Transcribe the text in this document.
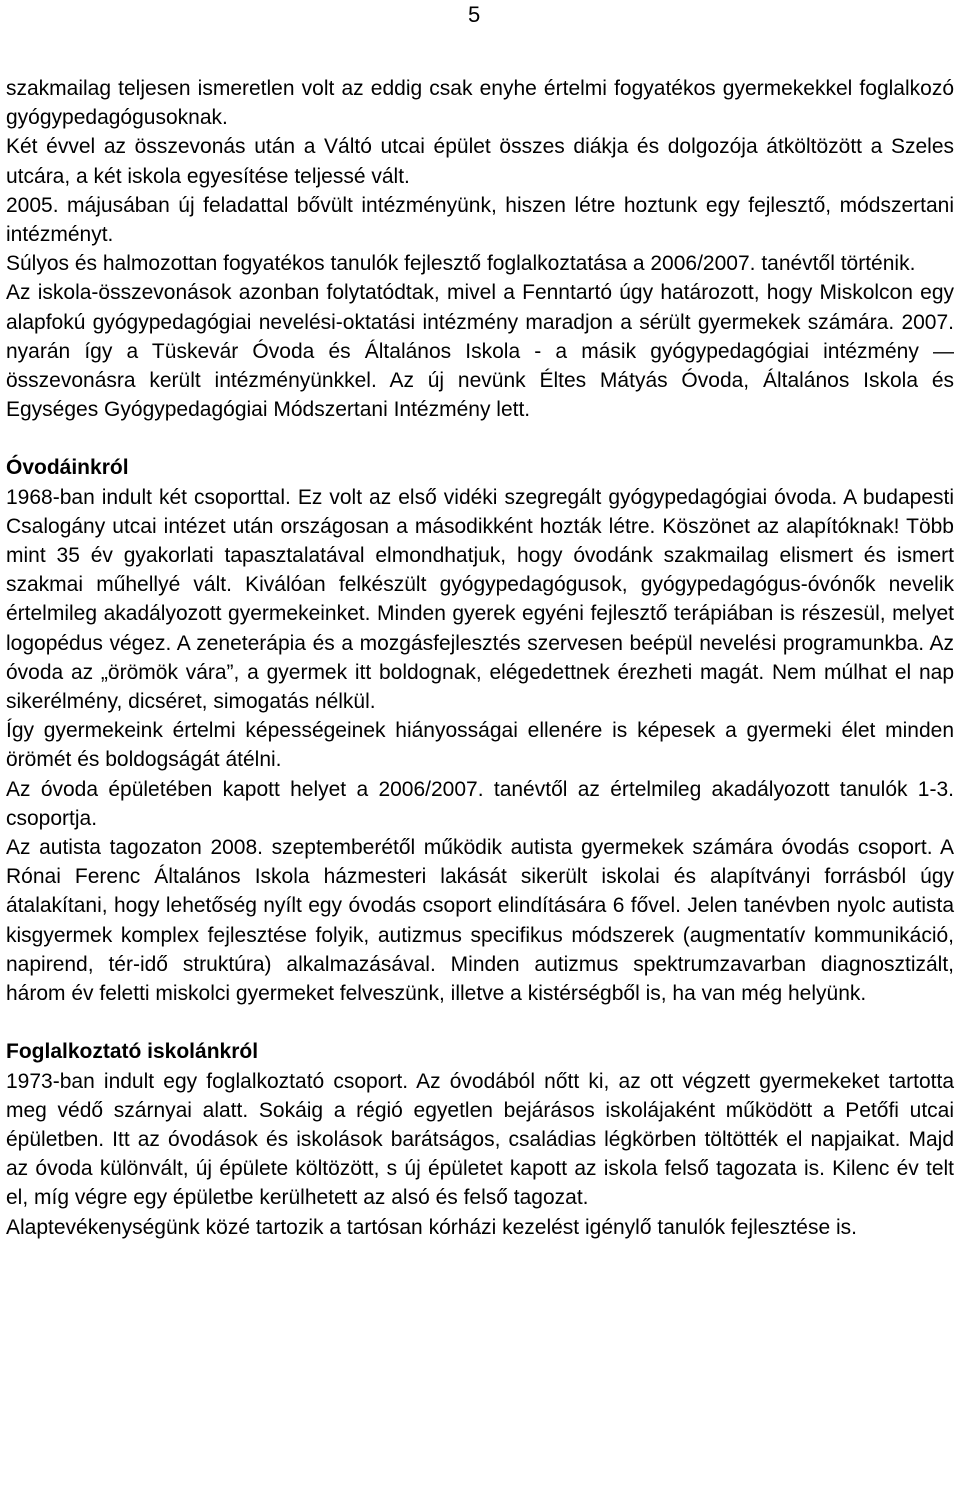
5

szakmailag teljesen ismeretlen volt az eddig csak enyhe értelmi fogyatékos gyermekekkel foglalkozó gyógypedagógusoknak.

Két évvel az összevonás után a Váltó utcai épület összes diákja és dolgozója átköltözött a Szeles utcára, a két iskola egyesítése teljessé vált.

2005. májusában új feladattal bővült intézményünk, hiszen létre hoztunk egy fejlesztő, módszertani intézményt.

Súlyos és halmozottan fogyatékos tanulók fejlesztő foglalkoztatása a 2006/2007. tanévtől történik.

Az iskola-összevonások azonban folytatódtak, mivel a Fenntartó úgy határozott, hogy Miskolcon egy alapfokú gyógypedagógiai nevelési-oktatási intézmény maradjon a sérült gyermekek számára. 2007. nyarán így a Tüskevár Óvoda és Általános Iskola - a másik gyógypedagógiai intézmény — összevonásra került intézményünkkel. Az új nevünk Éltes Mátyás Óvoda, Általános Iskola és Egységes Gyógypedagógiai Módszertani Intézmény lett.

Óvodáinkról

1968-ban indult két csoporttal. Ez volt az első vidéki szegregált gyógypedagógiai óvoda. A budapesti Csalogány utcai intézet után országosan a másodikként hozták létre. Köszönet az alapítóknak! Több mint 35 év gyakorlati tapasztalatával elmondhatjuk, hogy óvodánk szakmailag elismert és ismert szakmai műhellyé vált. Kiválóan felkészült gyógypedagógusok, gyógypedagógus-óvónők nevelik értelmileg akadályozott gyermekeinket. Minden gyerek egyéni fejlesztő terápiában is részesül, melyet logopédus végez. A zeneterápia és a mozgásfejlesztés szervesen beépül nevelési programunkba. Az óvoda az „örömök vára”, a gyermek itt boldognak, elégedettnek érezheti magát. Nem múlhat el nap sikerélmény, dicséret, simogatás nélkül.

Így gyermekeink értelmi képességeinek hiányosságai ellenére is képesek a gyermeki élet minden örömét és boldogságát átélni.

Az óvoda épületében kapott helyet a 2006/2007. tanévtől az értelmileg akadályozott tanulók 1-3. csoportja.

Az autista tagozaton 2008. szeptemberétől működik autista gyermekek számára óvodás csoport. A Rónai Ferenc Általános Iskola házmesteri lakását sikerült iskolai és alapítványi forrásból úgy átalakítani, hogy lehetőség nyílt egy óvodás csoport elindítására 6 fővel. Jelen tanévben nyolc autista kisgyermek komplex fejlesztése folyik, autizmus specifikus módszerek (augmentatív kommunikáció, napirend, tér-idő struktúra) alkalmazásával. Minden autizmus spektrumzavarban diagnosztizált, három év feletti miskolci gyermeket felveszünk, illetve a kistérségből is, ha van még helyünk.

Foglalkoztató iskolánkról

1973-ban indult egy foglalkoztató csoport. Az óvodából nőtt ki, az ott végzett gyermekeket tartotta meg védő szárnyai alatt. Sokáig a régió egyetlen bejárásos iskolájaként működött a Petőfi utcai épületben. Itt az óvodások és iskolások barátságos, családias légkörben töltötték el napjaikat. Majd az óvoda különvált, új épülete költözött, s új épületet kapott az iskola felső tagozata is. Kilenc év telt el, míg végre egy épületbe kerülhetett az alsó és felső tagozat.

Alaptevékenységünk közé tartozik a tartósan kórházi kezelést igénylő tanulók fejlesztése is.
